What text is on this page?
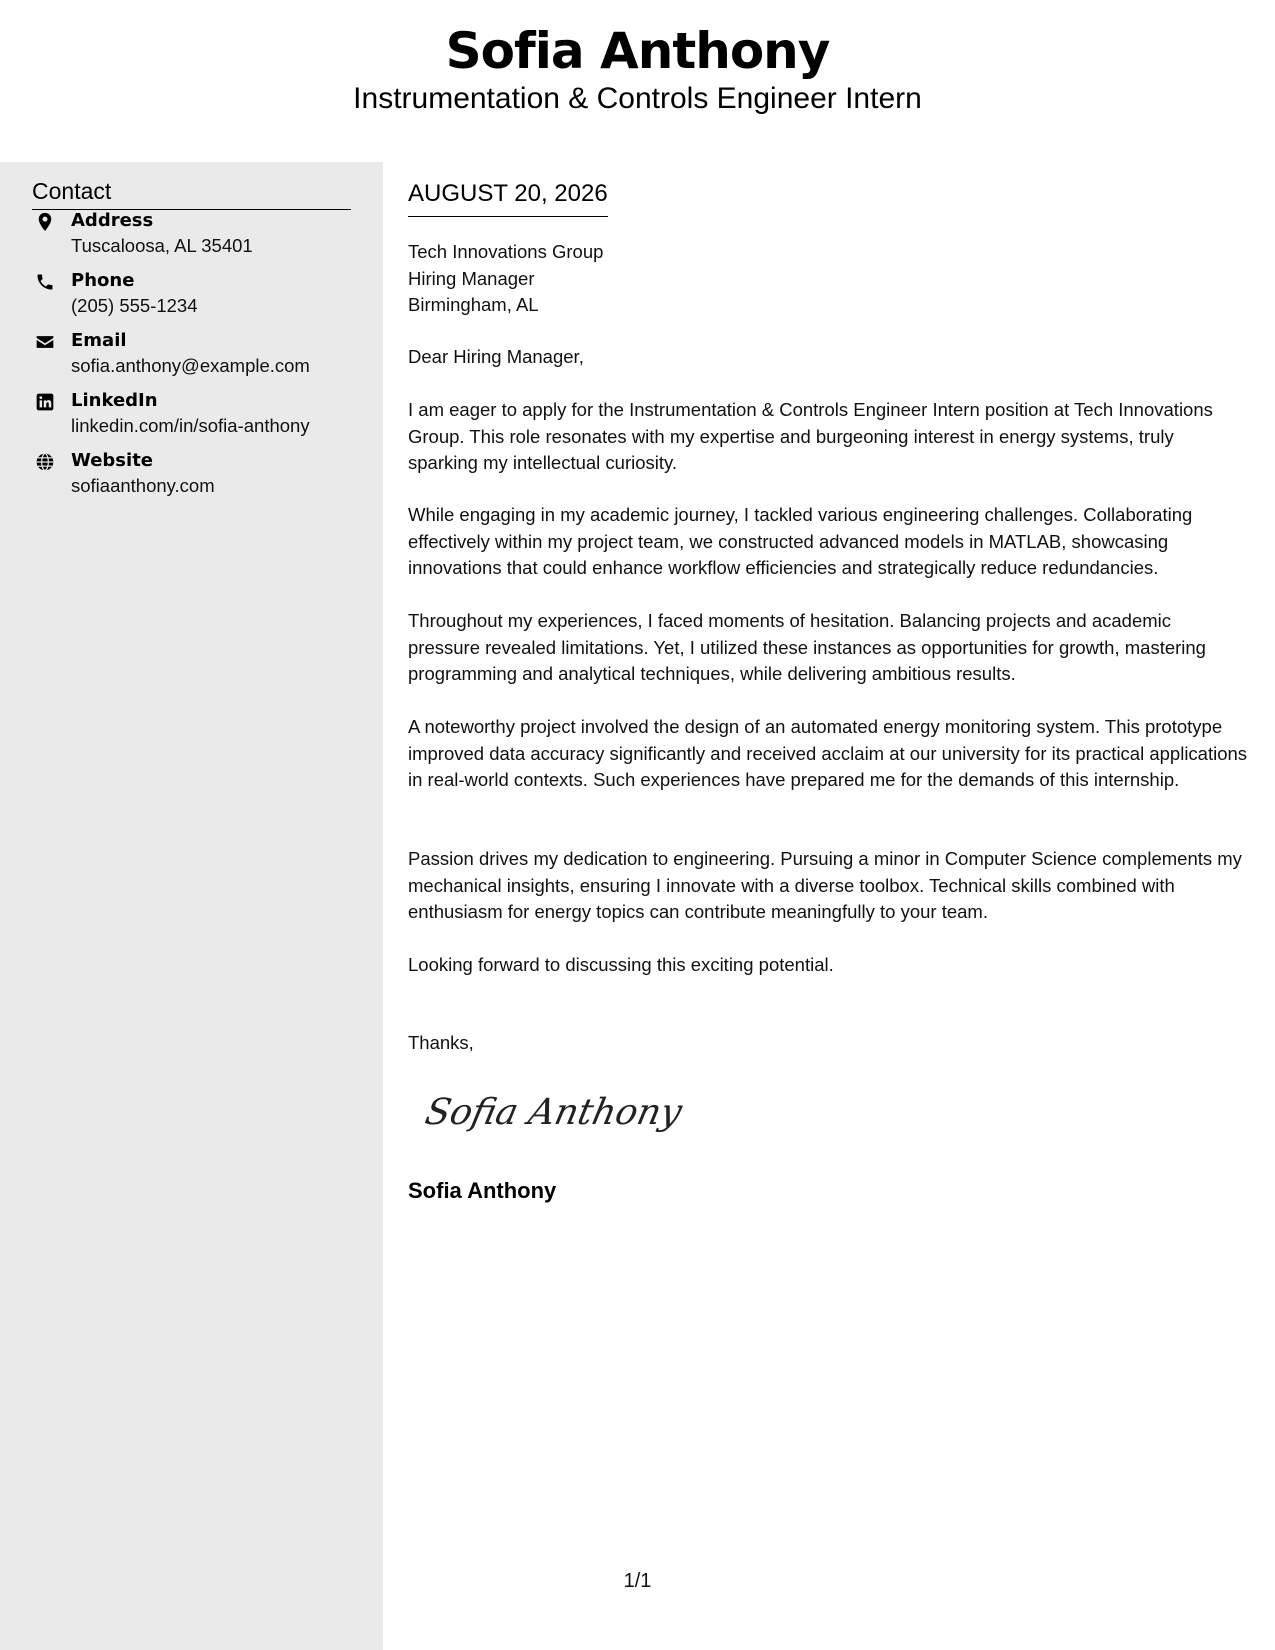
Sofia Anthony
Instrumentation & Controls Engineer Intern
Contact
Address
Tuscaloosa, AL 35401
Phone
(205) 555-1234
Email
sofia.anthony@example.com
LinkedIn
linkedin.com/in/sofia-anthony
Website
sofiaanthony.com
AUGUST 20, 2026
Tech Innovations Group
Hiring Manager
Birmingham, AL
Dear Hiring Manager,
I am eager to apply for the Instrumentation & Controls Engineer Intern position at Tech Innovations Group. This role resonates with my expertise and burgeoning interest in energy systems, truly sparking my intellectual curiosity.
While engaging in my academic journey, I tackled various engineering challenges. Collaborating effectively within my project team, we constructed advanced models in MATLAB, showcasing innovations that could enhance workflow efficiencies and strategically reduce redundancies.
Throughout my experiences, I faced moments of hesitation. Balancing projects and academic pressure revealed limitations. Yet, I utilized these instances as opportunities for growth, mastering programming and analytical techniques, while delivering ambitious results.
A noteworthy project involved the design of an automated energy monitoring system. This prototype improved data accuracy significantly and received acclaim at our university for its practical applications in real-world contexts. Such experiences have prepared me for the demands of this internship.
Passion drives my dedication to engineering. Pursuing a minor in Computer Science complements my mechanical insights, ensuring I innovate with a diverse toolbox. Technical skills combined with enthusiasm for energy topics can contribute meaningfully to your team.
Looking forward to discussing this exciting potential.
Thanks,
Sofia Anthony
Sofia Anthony
1/1
